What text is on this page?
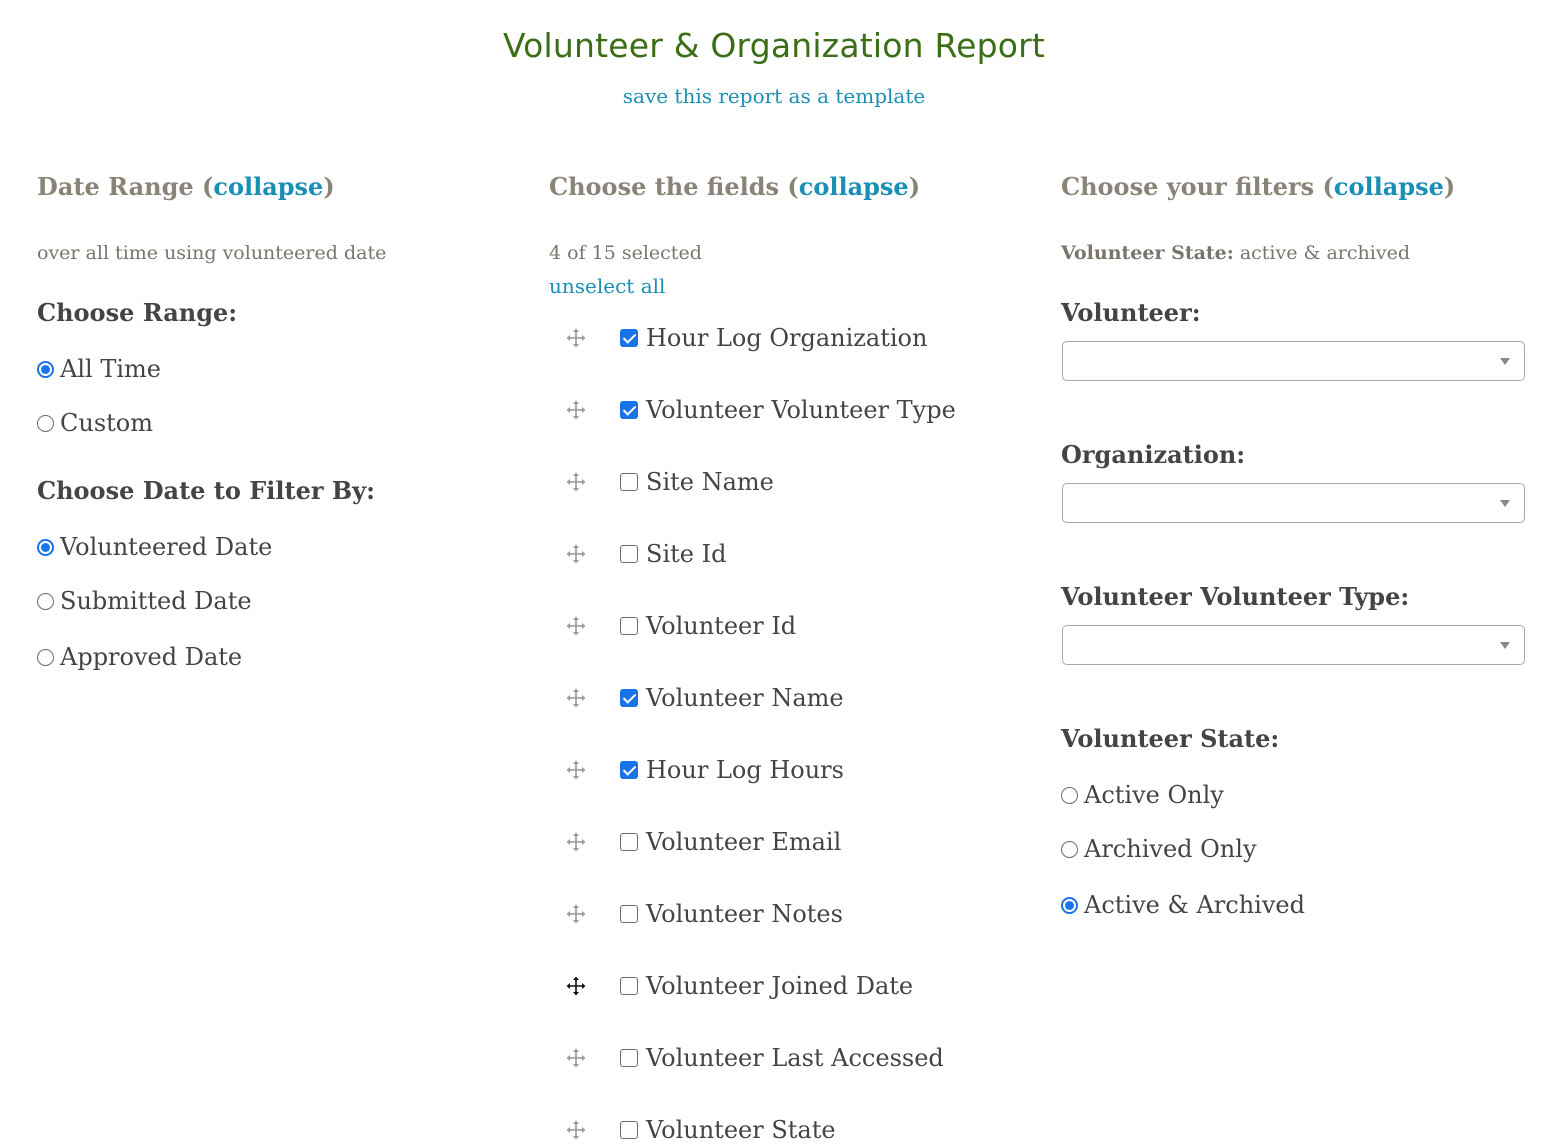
Volunteer & Organization Report
save this report as a template
Date Range (collapse)
over all time using volunteered date
Choose Range:
All Time
Custom
Choose Date to Filter By:
Volunteered Date
Submitted Date
Approved Date
Choose the fields (collapse)
4 of 15 selected
unselect all
Hour Log Organization
Volunteer Volunteer Type
Site Name
Site Id
Volunteer Id
Volunteer Name
Hour Log Hours
Volunteer Email
Volunteer Notes
Volunteer Joined Date
Volunteer Last Accessed
Volunteer State
Choose your filters (collapse)
Volunteer State: active & archived
Volunteer:
Organization:
Volunteer Volunteer Type:
Volunteer State:
Active Only
Archived Only
Active & Archived
